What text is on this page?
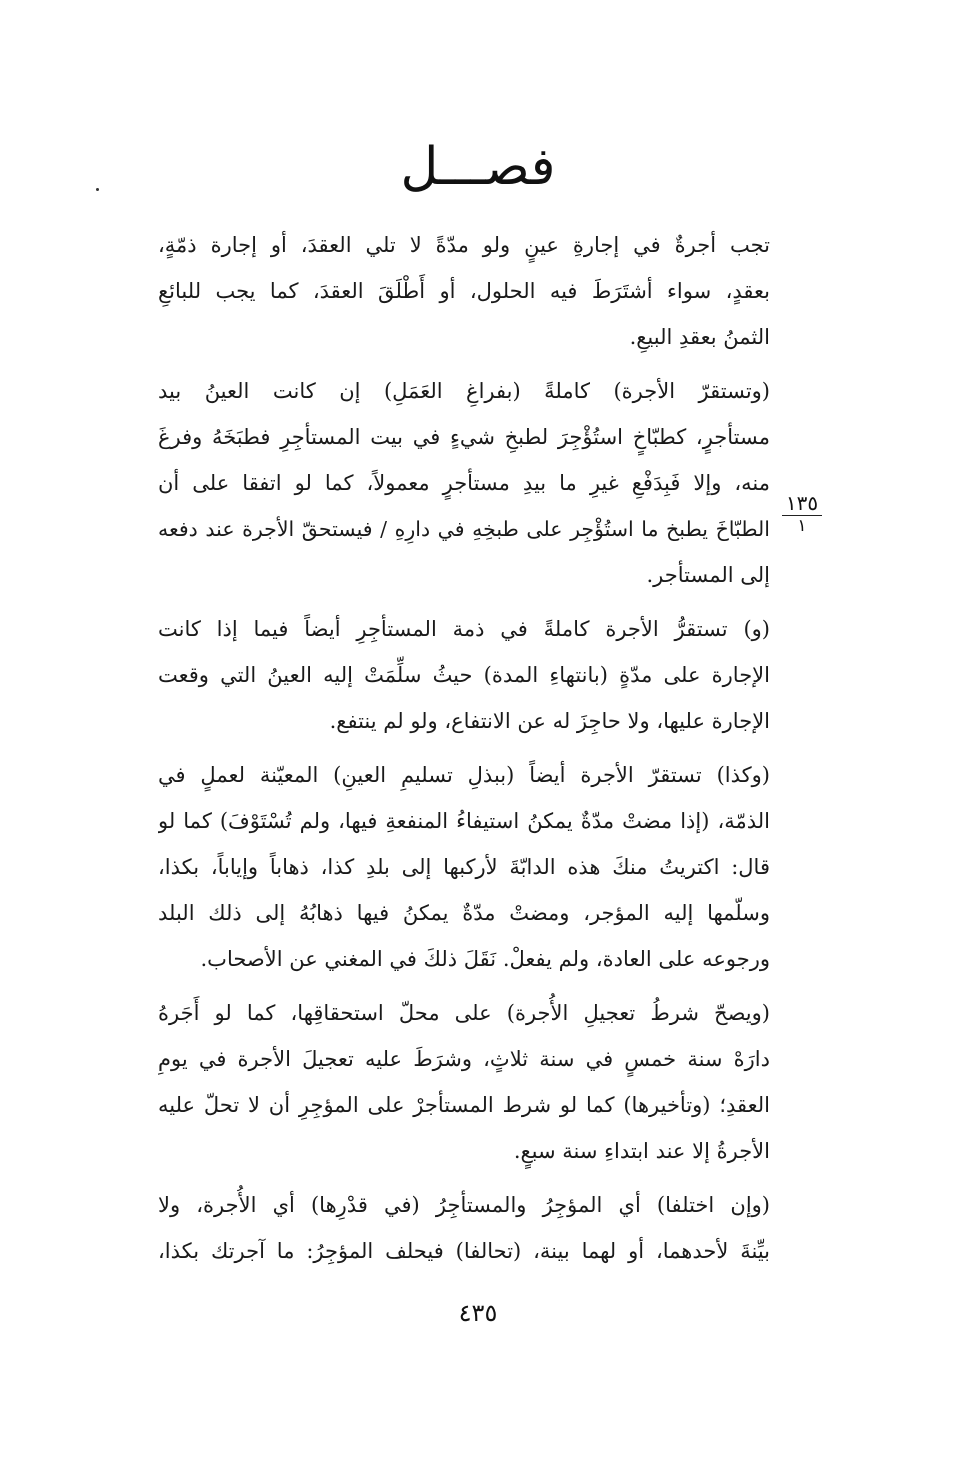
فصـــل
تجب أجرةٌ في إجارةِ عينٍ ولو مدّةً لا تلي العقدَ، أو إجارة ذمّةٍ،
بعقدٍ، سواء أشتَرَطَ فيه الحلول، أو أَطْلَقَ العقدَ، كما يجب للبائعِ
الثمنُ بعقدِ البيعِ.
(وتستقرّ الأجرة) كاملةً (بفراغِ العَمَلِ) إن كانت العينُ بيد
مستأجرٍ، كطبّاخٍ استُؤْجِرَ لطبخِ شيءٍ في بيت المستأجِرِ فطبَخَهُ وفرغَ
منه، وإلا فَبِدَفْعِ غيرِ ما بيدِ مستأجرٍ معمولاً، كما لو اتفقا على أن
الطبّاخَ يطبخ ما استُؤْجِر على طبخِهِ في دارِهِ / فيستحقّ الأجرة عند دفعه
إلى المستأجر.
(و) تستقرُّ الأجرة كاملةً في ذمة المستأجِرِ أيضاً فيما إذا كانت
الإجارة على مدّةٍ (بانتهاءِ المدة) حيثُ سلِّمَتْ إليه العينُ التي وقعت
الإجارة عليها، ولا حاجِزَ له عن الانتفاع، ولو لم ينتفع.
(وكذا) تستقرّ الأجرة أيضاً (ببذلِ تسليمِ العينِ) المعيّنة لعملٍ في
الذمّة، (إذا مضتْ مدّةٌ يمكنُ استيفاءُ المنفعةِ فيها، ولم تُسْتَوْفَ) كما لو
قال: اكتريتُ منكَ هذه الدابّةَ لأركبها إلى بلدِ كذا، ذهاباً وإياباً، بكذا،
وسلّمها إليه المؤجر، ومضتْ مدّةٌ يمكنُ فيها ذهابُهُ إلى ذلك البلد
ورجوعه على العادة، ولم يفعلْ. نَقَلَ ذلكَ في المغني عن الأصحاب.
(ويصحّ شرطُ تعجيلِ الأُجرة) على محلّ استحقاقِها، كما لو أَجَرهُ
دارَهْ سنة خمسٍ في سنة ثلاثٍ، وشرَطَ عليه تعجيلَ الأجرة في يومِ
العقدِ؛ (وتأخيرها) كما لو شرط المستأجرْ على المؤجِرِ أن لا تحلّ عليه
الأجرةُ إلا عند ابتداءِ سنة سبعٍ.
(وإن اختلفا) أي المؤجِرُ والمستأجِرُ (في قدْرِها) أي الأُجرة، ولا
بيِّنةَ لأحدهما، أو لهما بينة، (تحالفا) فيحلف المؤجِرُ: ما آجرتك بكذا،
١٣٥
١
٤٣٥
